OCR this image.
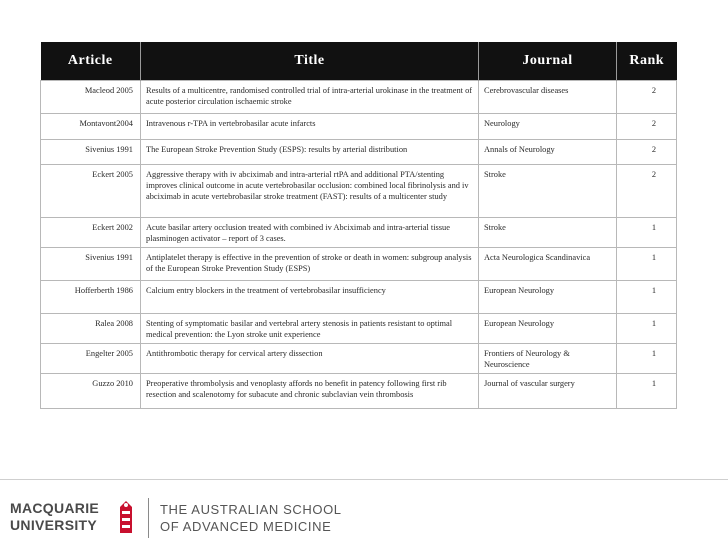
Article	Title	Journal	Rank
Macleod 2005	Results of a multicentre, randomised controlled trial of intra-arterial urokinase in the treatment of acute posterior circulation ischaemic stroke	Cerebrovascular diseases	2
Montavont2004	Intravenous r-TPA in vertebrobasilar acute infarcts	Neurology	2
Sivenius 1991	The European Stroke Prevention Study (ESPS): results by arterial distribution	Annals of Neurology	2
Eckert 2005	Aggressive therapy with iv abciximab and intra-arterial rtPA and additional PTA/stenting improves clinical outcome in acute vertebrobasilar occlusion: combined local fibrinolysis and iv abciximab in acute vertebrobasilar stroke treatment (FAST): results of a multicenter study	Stroke	2
Eckert 2002	Acute basilar artery occlusion treated with combined iv Abciximab and intra-arterial tissue plasminogen activator – report of 3 cases.	Stroke	1
Sivenius 1991	Antiplatelet therapy is effective in the prevention of stroke or death in women: subgroup analysis of the European Stroke Prevention Study (ESPS)	Acta Neurologica Scandinavica	1
Hofferberth 1986	Calcium entry blockers in the treatment of vertebrobasilar insufficiency	European Neurology	1
Ralea 2008	Stenting of symptomatic basilar and vertebral artery stenosis in patients resistant to optimal medical prevention: the Lyon stroke unit experience	European Neurology	1
Engelter 2005	Antithrombotic therapy for cervical artery dissection	Frontiers of Neurology & Neuroscience	1
Guzzo 2010	Preoperative thrombolysis and venoplasty affords no benefit in patency following first rib resection and scalenotomy for subacute and chronic subclavian vein thrombosis	Journal of vascular surgery	1
MACQUARIE
UNIVERSITY
THE AUSTRALIAN SCHOOL
OF ADVANCED MEDICINE
